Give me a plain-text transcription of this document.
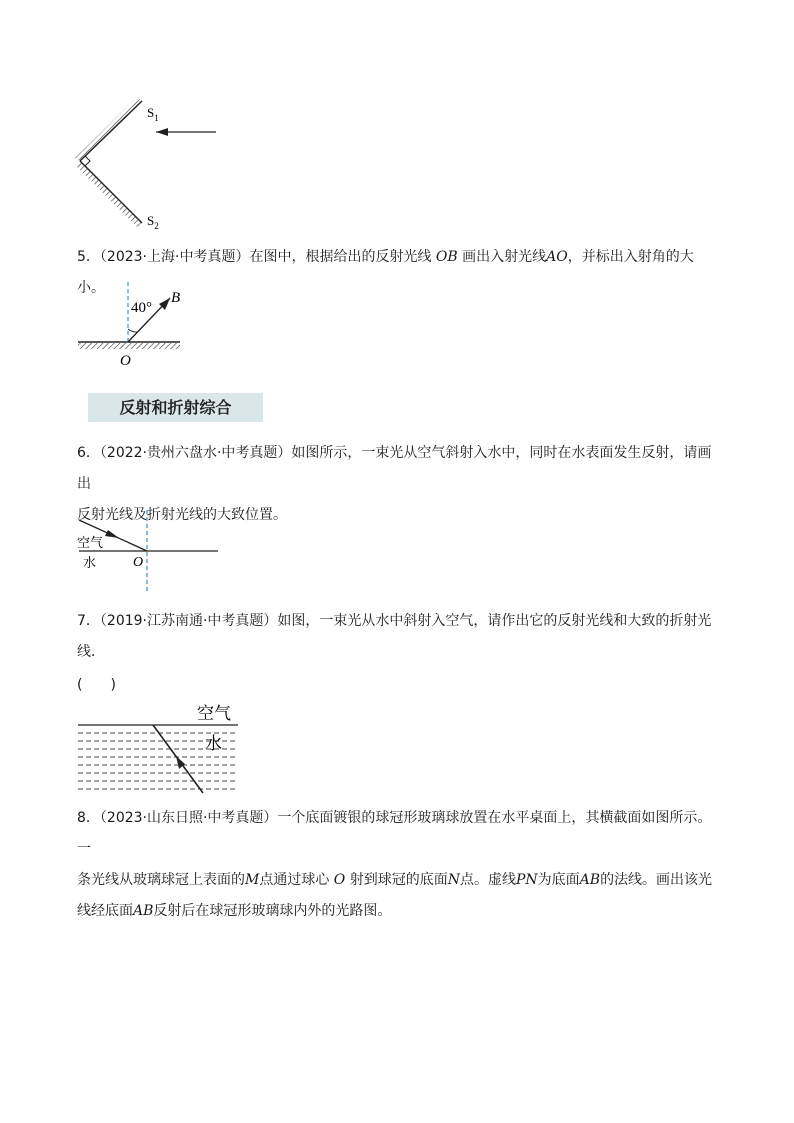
$S_1$
$S_2$

5．（2023·上海·中考真题）在图中，根据给出的反射光线 OB 画出入射光线AO，并标出入射角的大小。

40°
B
O
反射和折射综合

6．（2022·贵州六盘水·中考真题）如图所示，一束光从空气斜射入水中，同时在水表面发生反射，请画出

反射光线及折射光线的大致位置。

空气
水	O

7．（2019·江苏南通·中考真题）如图，一束光从水中斜射入空气，请作出它的反射光线和大致的折射光

线．

(　　)
空气
水

8．（2023·山东日照·中考真题）一个底面镀银的球冠形玻璃球放置在水平桌面上，其横截面如图所示。一

条光线从玻璃球冠上表面的M点通过球心 O 射到球冠的底面N点。虚线PN为底面AB的法线。画出该光

线经底面AB反射后在球冠形玻璃球内外的光路图。
